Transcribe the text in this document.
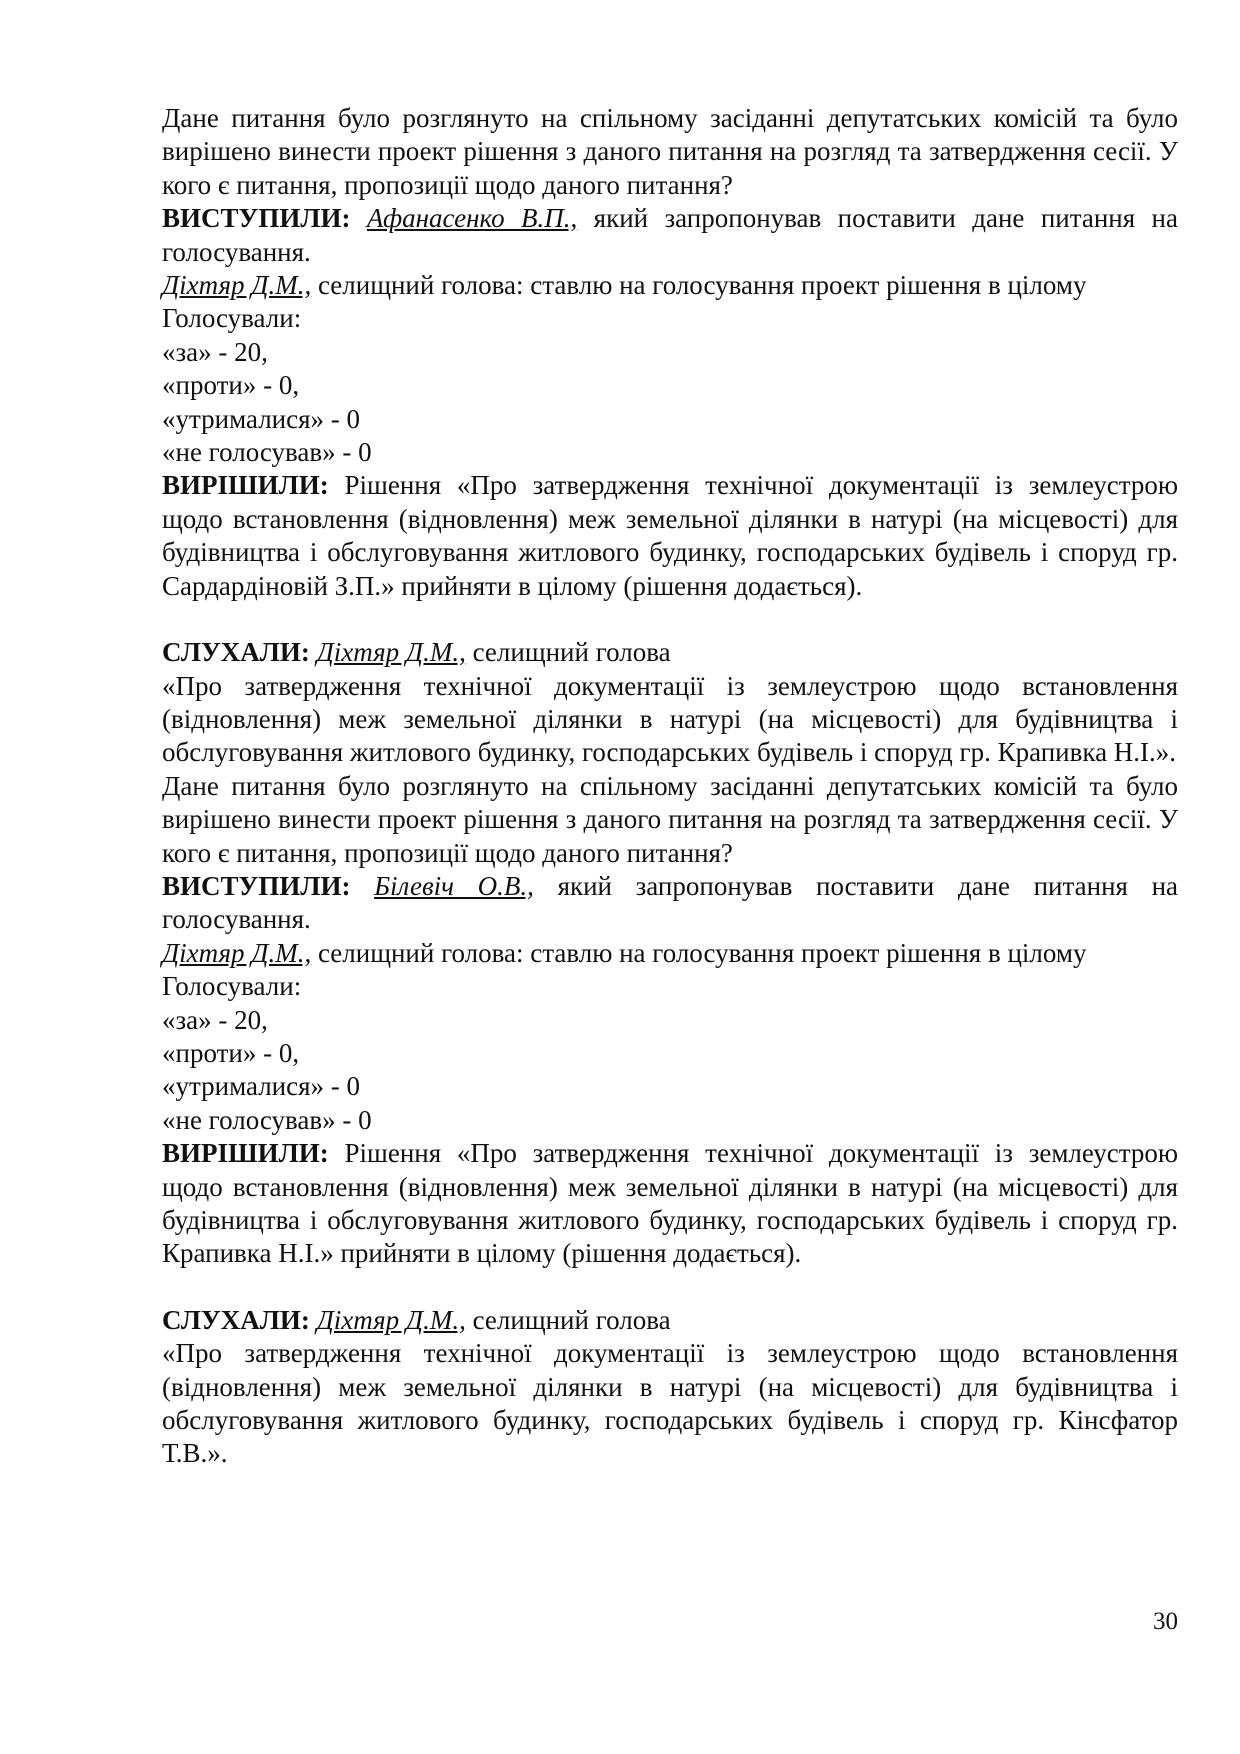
Дане питання було розглянуто на спільному засіданні депутатських комісій та було вирішено винести проект рішення з даного питання на розгляд та затвердження сесії. У кого є питання, пропозиції щодо даного питання?

ВИСТУПИЛИ: Афанасенко В.П., який запропонував поставити дане питання на голосування.

Діхтяр Д.М., селищний голова: ставлю на голосування проект рішення в цілому

Голосували:

«за» - 20,

«проти» - 0,

«утрималися» - 0

«не голосував» - 0

ВИРІШИЛИ: Рішення «Про затвердження технічної документації із землеустрою щодо встановлення (відновлення) меж земельної ділянки в натурі (на місцевості) для будівництва і обслуговування житлового будинку, господарських будівель і споруд гр. Сардардіновій З.П.» прийняти в цілому (рішення додається).

СЛУХАЛИ: Діхтяр Д.М., селищний голова

«Про затвердження технічної документації із землеустрою щодо встановлення (відновлення) меж земельної ділянки в натурі (на місцевості) для будівництва і обслуговування житлового будинку, господарських будівель і споруд гр. Крапивка Н.І.».

Дане питання було розглянуто на спільному засіданні депутатських комісій та було вирішено винести проект рішення з даного питання на розгляд та затвердження сесії. У кого є питання, пропозиції щодо даного питання?

ВИСТУПИЛИ: Білевіч О.В., який запропонував поставити дане питання на голосування.

Діхтяр Д.М., селищний голова: ставлю на голосування проект рішення в цілому

Голосували:

«за» - 20,

«проти» - 0,

«утрималися» - 0

«не голосував» - 0

ВИРІШИЛИ: Рішення «Про затвердження технічної документації із землеустрою щодо встановлення (відновлення) меж земельної ділянки в натурі (на місцевості) для будівництва і обслуговування житлового будинку, господарських будівель і споруд гр. Крапивка Н.І.» прийняти в цілому (рішення додається).

СЛУХАЛИ: Діхтяр Д.М., селищний голова

«Про затвердження технічної документації із землеустрою щодо встановлення (відновлення) меж земельної ділянки в натурі (на місцевості) для будівництва і обслуговування житлового будинку, господарських будівель і споруд гр. Кінсфатор Т.В.».

30
